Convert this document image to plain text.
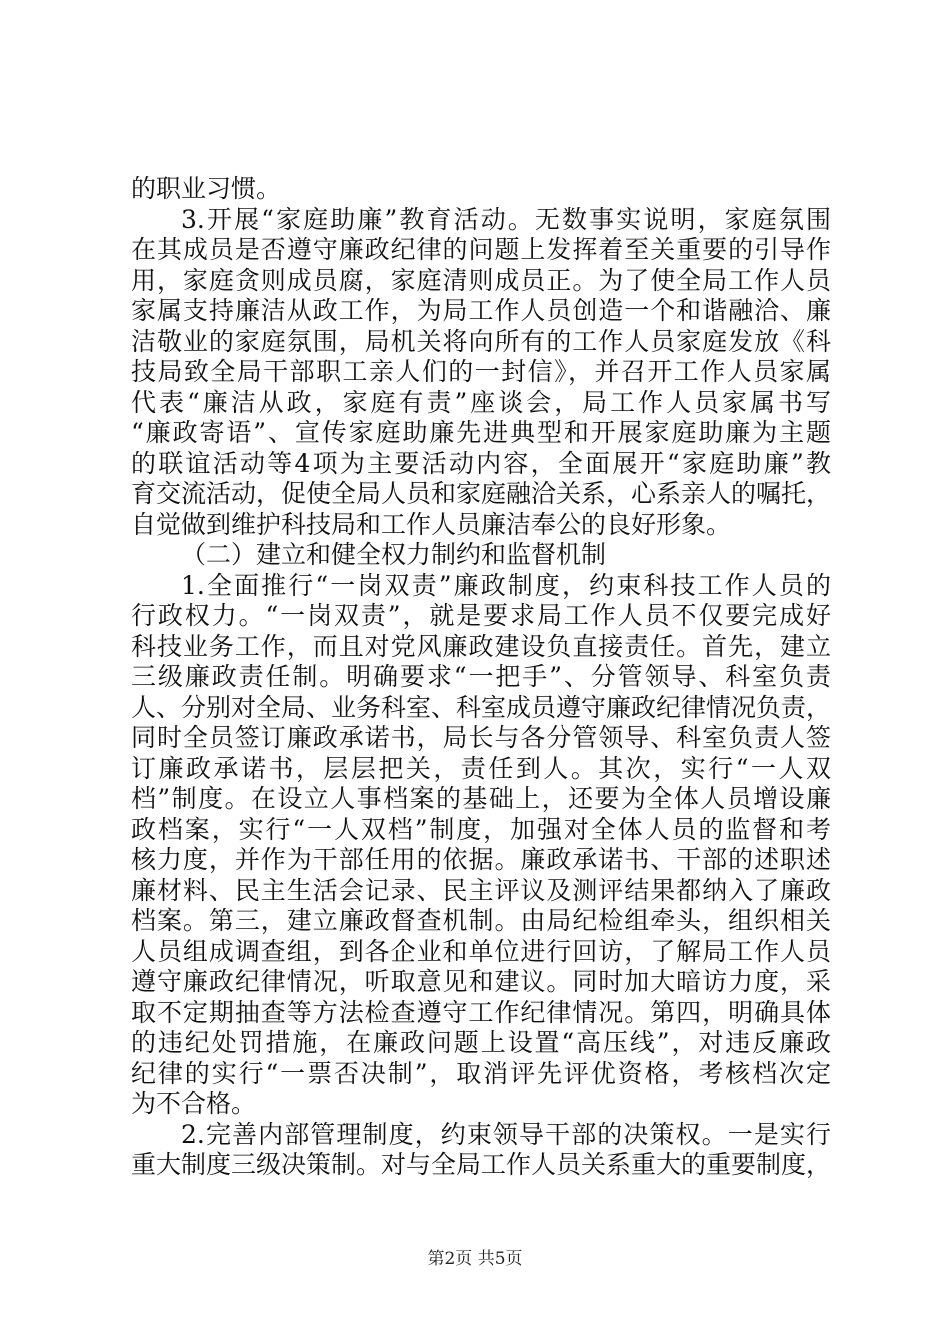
的职业习惯。
3.开展“家庭助廉”教育活动。无数事实说明，家庭氛围
在其成员是否遵守廉政纪律的问题上发挥着至关重要的引导作
用，家庭贪则成员腐，家庭清则成员正。为了使全局工作人员
家属支持廉洁从政工作，为局工作人员创造一个和谐融洽、廉
洁敬业的家庭氛围，局机关将向所有的工作人员家庭发放《科
技局致全局干部职工亲人们的一封信》，并召开工作人员家属
代表“廉洁从政，家庭有责”座谈会，局工作人员家属书写
“廉政寄语”、宣传家庭助廉先进典型和开展家庭助廉为主题
的联谊活动等4项为主要活动内容，全面展开“家庭助廉”教
育交流活动，促使全局人员和家庭融洽关系，心系亲人的嘱托，
自觉做到维护科技局和工作人员廉洁奉公的良好形象。
（二）建立和健全权力制约和监督机制
1.全面推行“一岗双责”廉政制度，约束科技工作人员的
行政权力。“一岗双责”，就是要求局工作人员不仅要完成好
科技业务工作，而且对党风廉政建设负直接责任。首先，建立
三级廉政责任制。明确要求“一把手”、分管领导、科室负责
人、分别对全局、业务科室、科室成员遵守廉政纪律情况负责，
同时全员签订廉政承诺书，局长与各分管领导、科室负责人签
订廉政承诺书，层层把关，责任到人。其次，实行“一人双
档”制度。在设立人事档案的基础上，还要为全体人员增设廉
政档案，实行“一人双档”制度，加强对全体人员的监督和考
核力度，并作为干部任用的依据。廉政承诺书、干部的述职述
廉材料、民主生活会记录、民主评议及测评结果都纳入了廉政
档案。第三，建立廉政督查机制。由局纪检组牵头，组织相关
人员组成调查组，到各企业和单位进行回访，了解局工作人员
遵守廉政纪律情况，听取意见和建议。同时加大暗访力度，采
取不定期抽查等方法检查遵守工作纪律情况。第四，明确具体
的违纪处罚措施，在廉政问题上设置“高压线”，对违反廉政
纪律的实行“一票否决制”，取消评先评优资格，考核档次定
为不合格。
2.完善内部管理制度，约束领导干部的决策权。一是实行
重大制度三级决策制。对与全局工作人员关系重大的重要制度，
第2页 共5页
